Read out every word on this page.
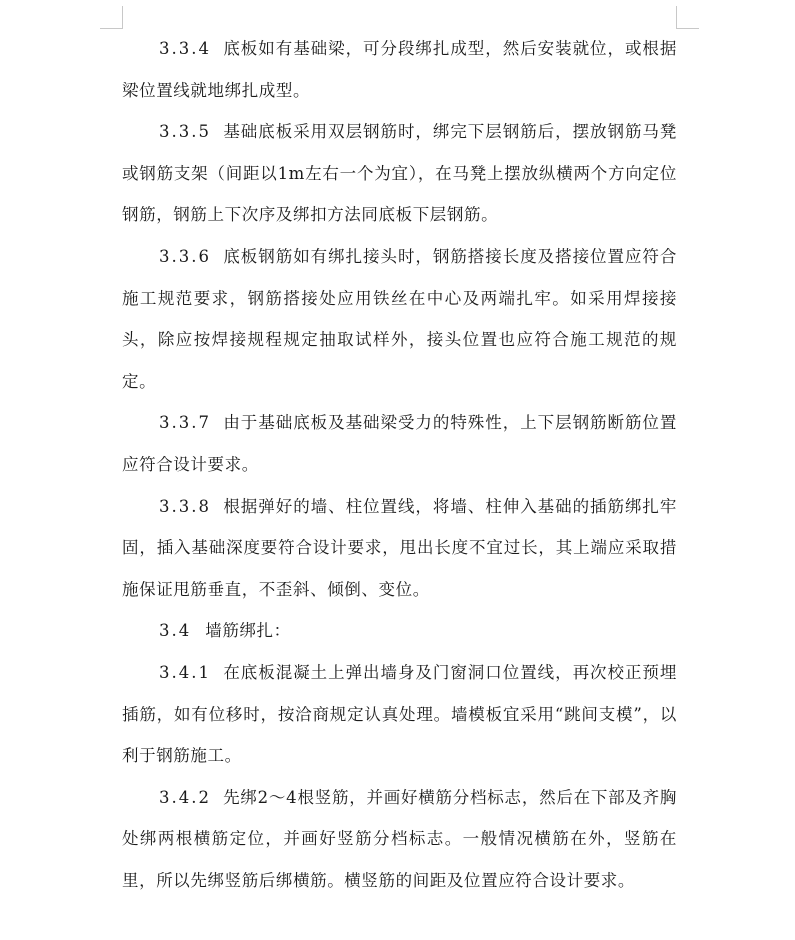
3.3.4 底板如有基础梁，可分段绑扎成型，然后安装就位，或根据梁位置线就地绑扎成型。

3.3.5 基础底板采用双层钢筋时，绑完下层钢筋后，摆放钢筋马凳或钢筋支架（间距以1m左右一个为宜），在马凳上摆放纵横两个方向定位钢筋，钢筋上下次序及绑扣方法同底板下层钢筋。

3.3.6 底板钢筋如有绑扎接头时，钢筋搭接长度及搭接位置应符合施工规范要求，钢筋搭接处应用铁丝在中心及两端扎牢。如采用焊接接头，除应按焊接规程规定抽取试样外，接头位置也应符合施工规范的规定。

3.3.7 由于基础底板及基础梁受力的特殊性，上下层钢筋断筋位置应符合设计要求。

3.3.8 根据弹好的墙、柱位置线，将墙、柱伸入基础的插筋绑扎牢固，插入基础深度要符合设计要求，甩出长度不宜过长，其上端应采取措施保证甩筋垂直，不歪斜、倾倒、变位。

3.4 墙筋绑扎：

3.4.1 在底板混凝土上弹出墙身及门窗洞口位置线，再次校正预埋插筋，如有位移时，按洽商规定认真处理。墙模板宜采用“跳间支模”，以利于钢筋施工。

3.4.2 先绑2～4根竖筋，并画好横筋分档标志，然后在下部及齐胸处绑两根横筋定位，并画好竖筋分档标志。一般情况横筋在外，竖筋在里，所以先绑竖筋后绑横筋。横竖筋的间距及位置应符合设计要求。
